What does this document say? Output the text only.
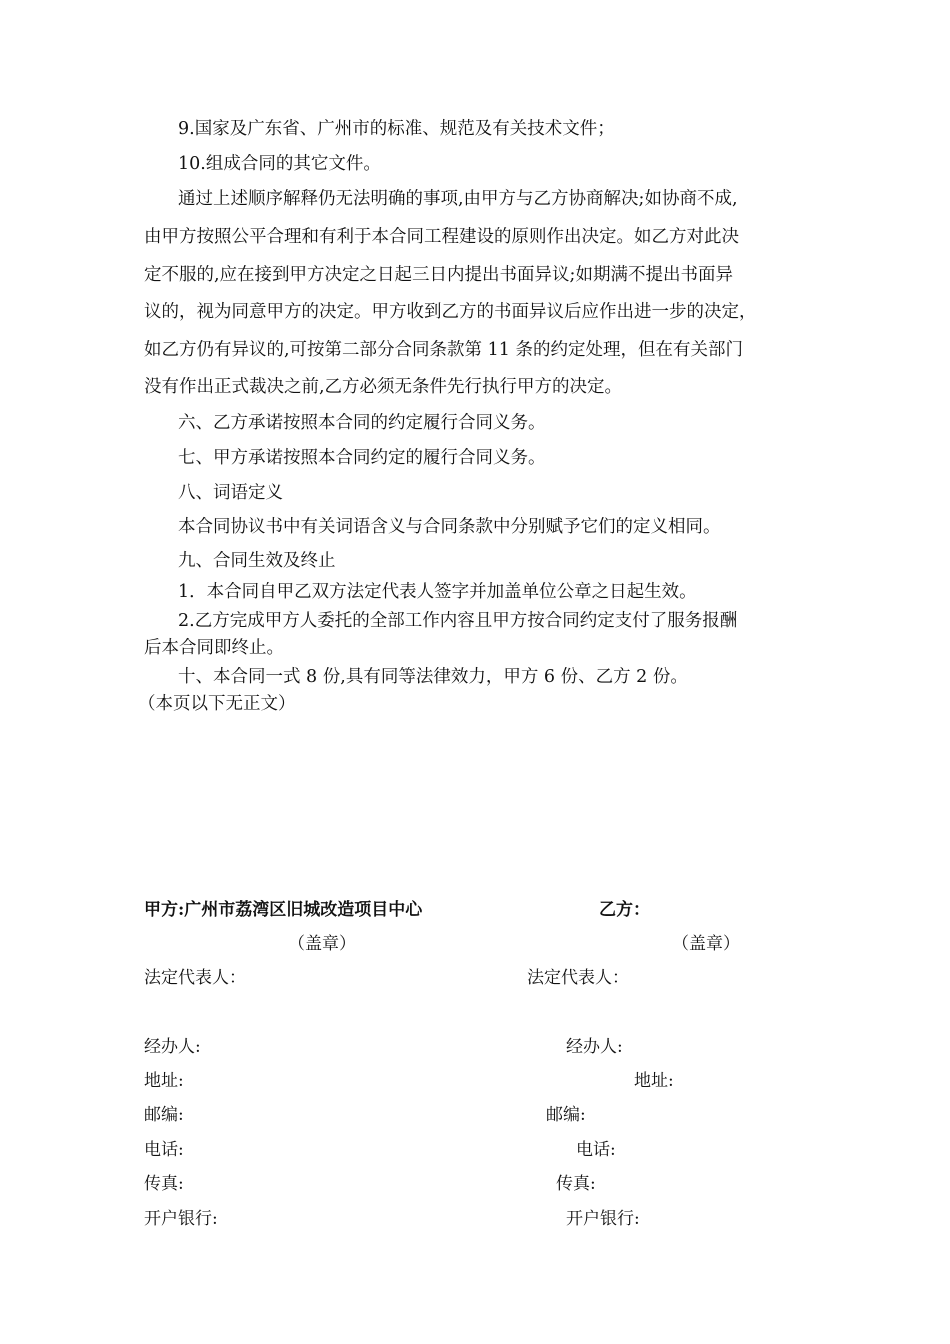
9.国家及广东省、广州市的标准、规范及有关技术文件；
10.组成合同的其它文件。
通过上述顺序解释仍无法明确的事项,由甲方与乙方协商解决;如协商不成,
由甲方按照公平合理和有利于本合同工程建设的原则作出决定。如乙方对此决
定不服的,应在接到甲方决定之日起三日内提出书面异议;如期满不提出书面异
议的，视为同意甲方的决定。甲方收到乙方的书面异议后应作出进一步的决定，
如乙方仍有异议的,可按第二部分合同条款第 11 条的约定处理，但在有关部门
没有作出正式裁决之前,乙方必须无条件先行执行甲方的决定。
六、乙方承诺按照本合同的约定履行合同义务。
七、甲方承诺按照本合同约定的履行合同义务。
八、词语定义
本合同协议书中有关词语含义与合同条款中分别赋予它们的定义相同。
九、合同生效及终止
1．本合同自甲乙双方法定代表人签字并加盖单位公章之日起生效。
2.乙方完成甲方人委托的全部工作内容且甲方按合同约定支付了服务报酬
后本合同即终止。
十、本合同一式 8 份,具有同等法律效力，甲方 6 份、乙方 2 份。
（本页以下无正文）
甲方:广州市荔湾区旧城改造项目中心
（盖章）
法定代表人：
经办人:
地址:
邮编:
电话:
传真:
开户银行:
乙方：
（盖章）
法定代表人：
经办人:
地址:
邮编:
电话:
传真:
开户银行:
